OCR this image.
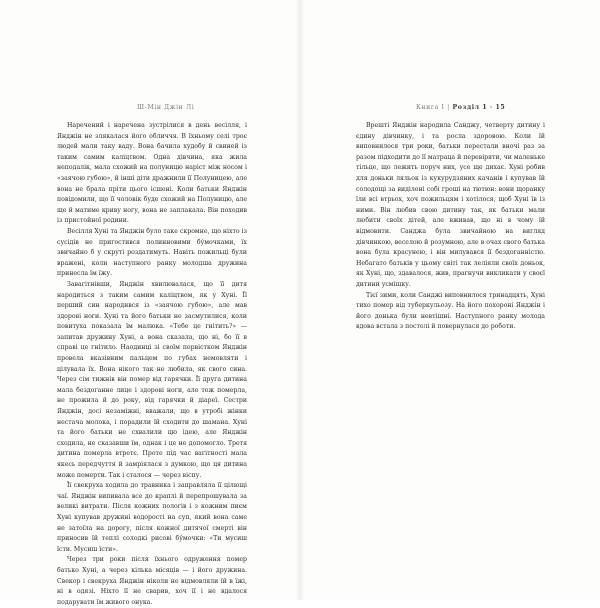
Ш-Мін Джін Лі

Наречений і наречена зустрілися в день весілля, і Янджін не злякалася його обличчя. В їхньому селі троє людей мали таку ваду. Вона бачила худобу й свиней із таким самим калiцтвом. Одна дівчина, яка жила неподалік, мала схожий на полуницю нарiст між носом і «заячою губою», й інші діти дражнили її Полуницею, але вона не брала пріти цього iсшені. Коли батьки Янджін повідомили, що її чоловік буде схожий на Полуницю, але ще й матиме криву ногу, вона не заплакала. Він походив із пристойної родини.

Весілля Хуні та Янджін було таке скромне, що ніхто із сусідів не пригостився полинновими бу́мочками, їх звичайно б у скруті роздатимуть. Навіть пожильці були вражені, коли наступного ранку молодша дружина принесла їм їжу.

Завагітнівши, Янджін хвилювалася, що її дитя народиться з таким самим калiцтвом, як у Хуні. Її перший син народився із «заячою губою», але мав здорові ноги. Хуні та його батьки не засмутилися, коли повитуха показала їм малюка. «Тебе це гнітить?» — запитав дружину Хуні, а вона сказала, що ні, бо її в справі це гнітило. Наодинці зі своїм первістком Янджін провела вказівним пальцем по губах немовляти і цілувала їх. Вона нікого так не любила, як свого сина. Через сім тижнів він помер від гарячки. Її друга дитина мала бездоганне лице і здорові ноги, але теж померла, не прожила й до року, від гарячки й діареї. Сестри Янджін, досі незаміжні, вважали, що в утробі жінки нестача молока, і порадили їй сходити до шамана. Хуні та його батьки не схвалили цю ідею, але Янджін сходила, не сказавши їм, однак і це не допомогло. Третя дитина померла втретє. Проте під час вагітності мала якесь передчуття й замріялася з думкою, що ця дитина може померти. Так і сталося — через віспу.

Її свекруха ходила до травника і заправляла її цілющі чаї. Янджін випивала все до краплі й перепрошувала за великі витрати. Після кожних пологів і з кожним пиєм Хуні купував дружині водорості на суп, який вона саме не затоїла на дорогу, після кожної дитячої смерті він приносив їй теплі солодкі рисові бу́мочки: «Ти мусиш їсти. Мусиш їсти».

Через три роки після їхнього одруження помер батько Хуні, а через кілька місяців — і його дружина. Свекор і свекруха Янджін ніколи не відмовляли їй в їжі, ні в одязі. Ніхто її не сварив, хоч її і не вдалося подарувати їм живого онука.

Книга I | Розділ 1 · 15

Врешті Янджін народила Санджу, четверту дитину і єдину дівчинку, і та росла здоровою. Коли їй виповнилося три роки, батьки перестали вночі раз за разом підходити до її матраца й перевіряти, чи маленьке тільце, що лежить поруч них, усе ще дихає. Хуні робив для доньки ляльок із кукурудзяних качанів і купував їй солодощі за виділені собі гроші на тютюн: вони щоранку їли всі втрьох, хоч пожильцям і хотілося, щоб Хуні їв із ними. Він любив свою дитину так, як батьки мали любити своїх дітей, але вживав, що ні в чому їй відмовити. Санджа була звичайною на вигляд дівчинкою, веселою й розумною, але в очах свого батька вона була красунею, і він милувався її бездоганністю. Небагато батьків у цьому світі так леліяли своїх доньок, як Хуні, що, здавалося, жив, прагнучи викликати у своєї дитини усмішку.

Тієї зими, коли Санджі виповнилося тринадцять, Хуні тихо помер від туберкульозу. На його похороні Янджін і його донька були невтішні. Наступного ранку молода вдова встала з постелі й повернулася до роботи.
